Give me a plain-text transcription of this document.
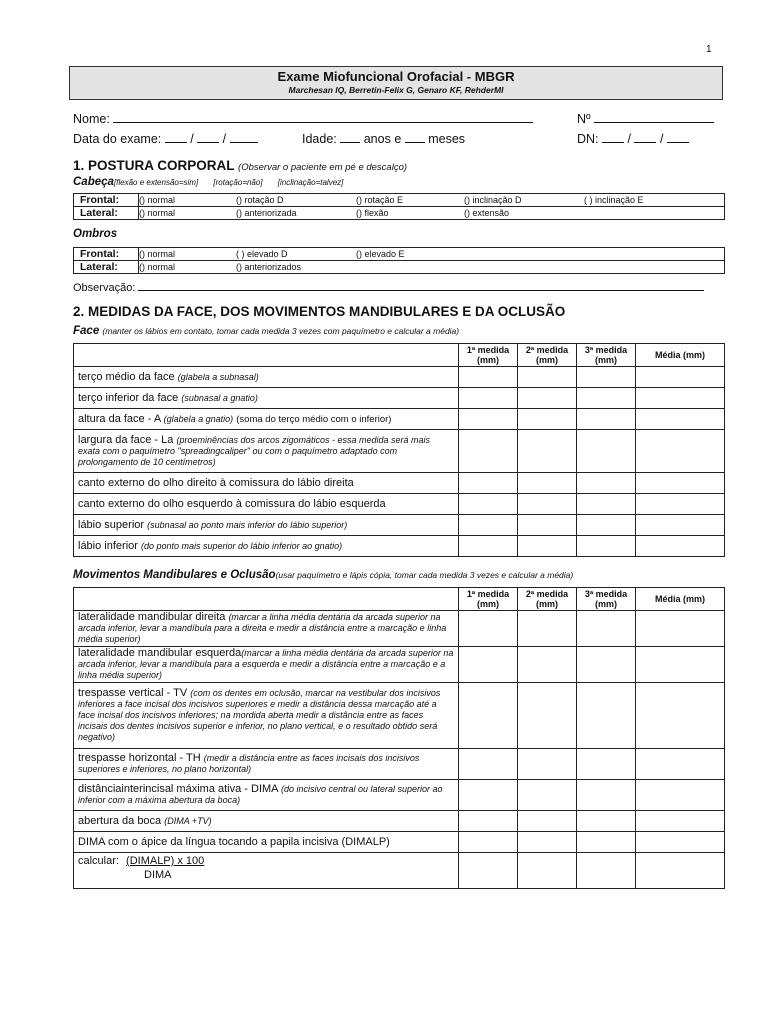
1
Exame Miofuncional Orofacial - MBGR
Marchesan IQ, Berretin-Felix G, Genaro KF, RehderMI
Nome:	Nº
Data do exame: / /	Idade: anos e meses	DN: / /
1. POSTURA CORPORAL (Observar o paciente em pé e descalço)
Cabeça[flexão e extensão=sim] [rotação=não] [inclinação=talvez]
Frontal: () normal	() rotação D	() rotação E	() inclinação D	( ) inclinação E
Lateral: () normal	() anteriorizada	() flexão	() extensão
Ombros
Frontal: () normal	( ) elevado D	() elevado E
Lateral: () normal	() anteriorizados
Observação:
2. MEDIDAS DA FACE, DOS MOVIMENTOS MANDIBULARES E DA OCLUSÃO
Face (manter os lábios em contato, tomar cada medida 3 vezes com paquímetro e calcular a média)
	1ª medida (mm)	2ª medida (mm)	3ª medida (mm)	Média (mm)
terço médio da face (glabela a subnasal)				
terço inferior da face (subnasal a gnatio)				
altura da face - A (glabela a gnatio) (soma do terço médio com o inferior)				
largura da face - La (proeminências dos arcos zigomáticos - essa medida será mais exata com o paquímetro "spreadingcaliper" ou com o paquímetro adaptado com prolongamento de 10 centímetros)				
canto externo do olho direito à comissura do lábio direita				
canto externo do olho esquerdo à comissura do lábio esquerda				
lábio superior (subnasal ao ponto mais inferior do lábio superior)				
lábio inferior (do ponto mais superior do lábio inferior ao gnatio)				
Movimentos Mandibulares e Oclusão(usar paquímetro e lápis cópia, tomar cada medida 3 vezes e calcular a média)
	1ª medida (mm)	2ª medida (mm)	3ª medida (mm)	Média (mm)
lateralidade mandibular direita (marcar a linha média dentária da arcada superior na arcada inferior, levar a mandíbula para a direita e medir a distância entre a marcação e linha média superior)				
lateralidade mandibular esquerda(marcar a linha média dentária da arcada superior na arcada inferior, levar a mandíbula para a esquerda e medir a distância entre a marcação e a linha média superior)				
trespasse vertical - TV (com os dentes em oclusão, marcar na vestibular dos incisivos inferiores a face incisal dos incisivos superiores e medir a distância dessa marcação até a face incisal dos incisivos inferiores; na mordida aberta medir a distância entre as faces incisais dos dentes incisivos superior e inferior, no plano vertical, e o resultado obtido será negativo)				
trespasse horizontal - TH (medir a distância entre as faces incisais dos incisivos superiores e inferiores, no plano horizontal)				
distânciainterincisal máxima ativa - DIMA (do incisivo central ou lateral superior ao inferior com a máxima abertura da boca)				
abertura da boca (DIMA +TV)				
DIMA com o ápice da língua tocando a papila incisiva (DIMALP)				
calcular: (DIMALP) x 100
DIMA				
